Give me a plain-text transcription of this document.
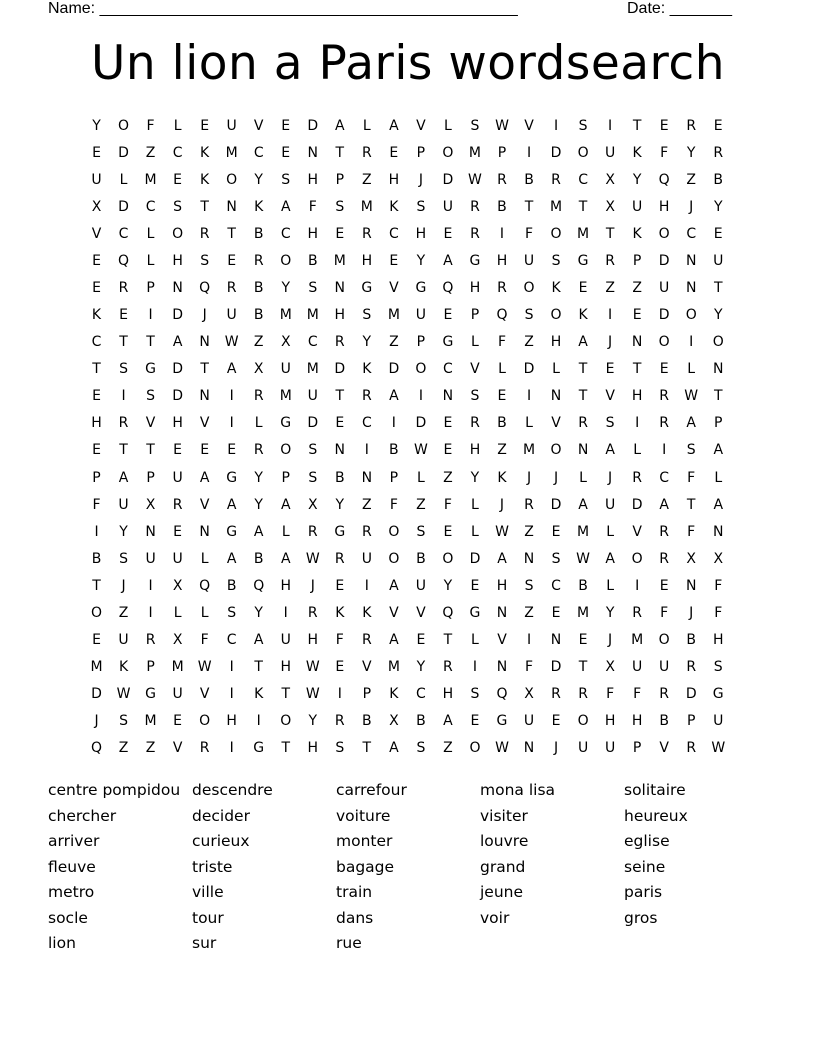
Name: _______________________________________________	Date: _______
Un lion a Paris wordsearch
Y	O	F	L	E	U	V	E	D	A	L	A	V	L	S	W	V	I	S	I	T	E	R	E
E	D	Z	C	K	M	C	E	N	T	R	E	P	O	M	P	I	D	O	U	K	F	Y	R
U	L	M	E	K	O	Y	S	H	P	Z	H	J	D	W	R	B	R	C	X	Y	Q	Z	B
X	D	C	S	T	N	K	A	F	S	M	K	S	U	R	B	T	M	T	X	U	H	J	Y
V	C	L	O	R	T	B	C	H	E	R	C	H	E	R	I	F	O	M	T	K	O	C	E
E	Q	L	H	S	E	R	O	B	M	H	E	Y	A	G	H	U	S	G	R	P	D	N	U
E	R	P	N	Q	R	B	Y	S	N	G	V	G	Q	H	R	O	K	E	Z	Z	U	N	T
K	E	I	D	J	U	B	M	M	H	S	M	U	E	P	Q	S	O	K	I	E	D	O	Y
C	T	T	A	N	W	Z	X	C	R	Y	Z	P	G	L	F	Z	H	A	J	N	O	I	O
T	S	G	D	T	A	X	U	M	D	K	D	O	C	V	L	D	L	T	E	T	E	L	N
E	I	S	D	N	I	R	M	U	T	R	A	I	N	S	E	I	N	T	V	H	R	W	T
H	R	V	H	V	I	L	G	D	E	C	I	D	E	R	B	L	V	R	S	I	R	A	P
E	T	T	E	E	E	R	O	S	N	I	B	W	E	H	Z	M	O	N	A	L	I	S	A
P	A	P	U	A	G	Y	P	S	B	N	P	L	Z	Y	K	J	J	L	J	R	C	F	L
F	U	X	R	V	A	Y	A	X	Y	Z	F	Z	F	L	J	R	D	A	U	D	A	T	A
I	Y	N	E	N	G	A	L	R	G	R	O	S	E	L	W	Z	E	M	L	V	R	F	N
B	S	U	U	L	A	B	A	W	R	U	O	B	O	D	A	N	S	W	A	O	R	X	X
T	J	I	X	Q	B	Q	H	J	E	I	A	U	Y	E	H	S	C	B	L	I	E	N	F
O	Z	I	L	L	S	Y	I	R	K	K	V	V	Q	G	N	Z	E	M	Y	R	F	J	F
E	U	R	X	F	C	A	U	H	F	R	A	E	T	L	V	I	N	E	J	M	O	B	H
M	K	P	M	W	I	T	H	W	E	V	M	Y	R	I	N	F	D	T	X	U	U	R	S
D	W	G	U	V	I	K	T	W	I	P	K	C	H	S	Q	X	R	R	F	F	R	D	G
J	S	M	E	O	H	I	O	Y	R	B	X	B	A	E	G	U	E	O	H	H	B	P	U
Q	Z	Z	V	R	I	G	T	H	S	T	A	S	Z	O	W	N	J	U	U	P	V	R	W
centre pompidou
chercher
arriver
fleuve
metro
socle
lion
descendre
decider
curieux
triste
ville
tour
sur
carrefour
voiture
monter
bagage
train
dans
rue
mona lisa
visiter
louvre
grand
jeune
voir
solitaire
heureux
eglise
seine
paris
gros
